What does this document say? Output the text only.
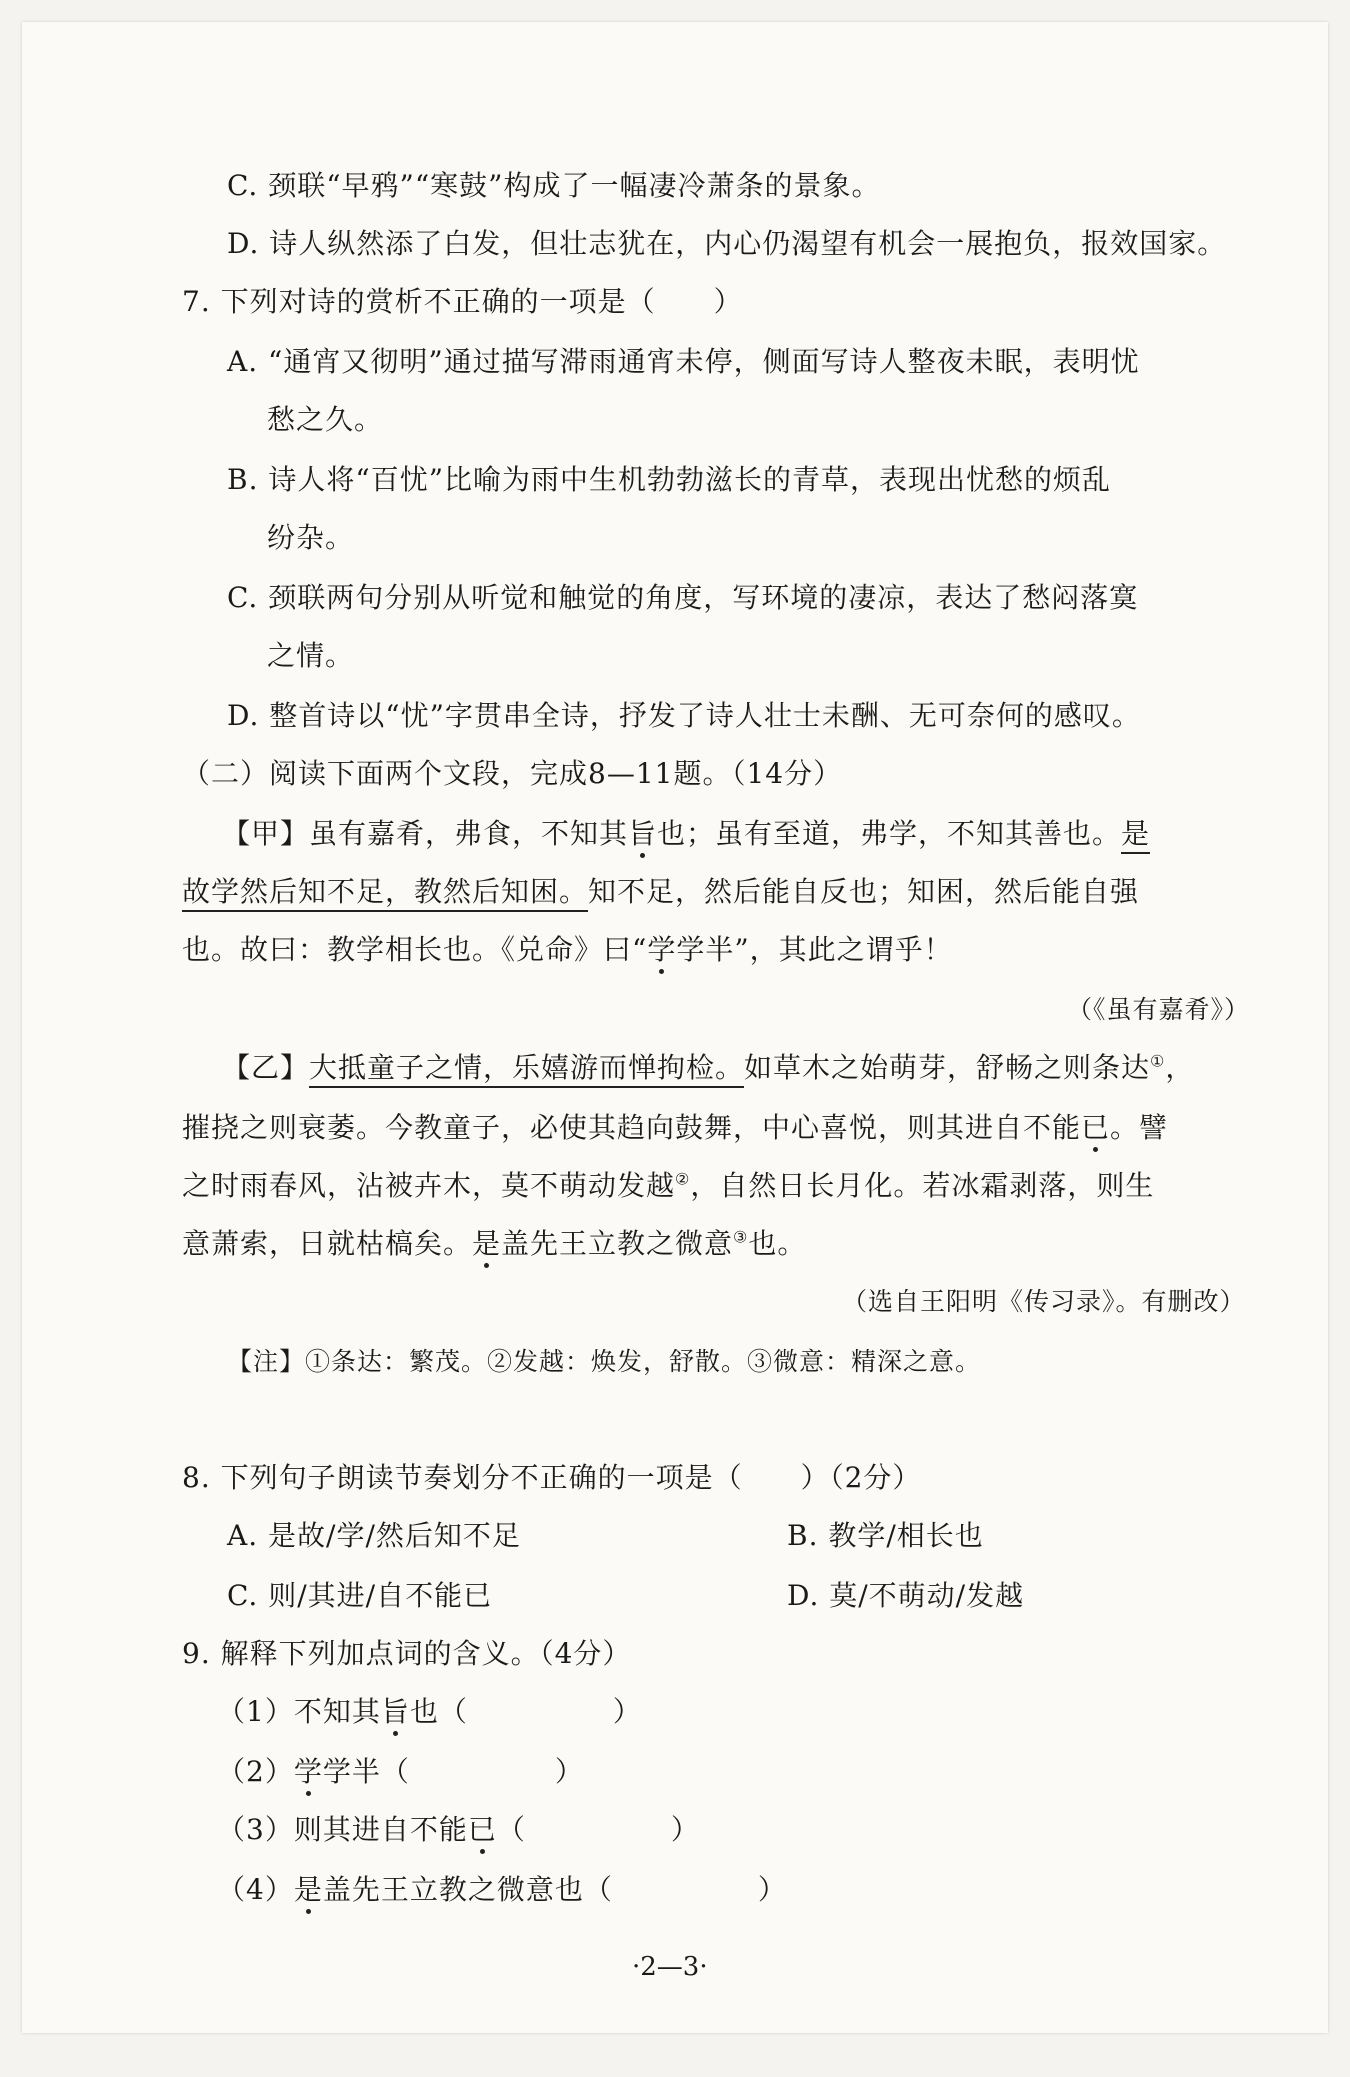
C. 颈联“早鸦”“寒鼓”构成了一幅凄冷萧条的景象。
D. 诗人纵然添了白发，但壮志犹在，内心仍渴望有机会一展抱负，报效国家。
7. 下列对诗的赏析不正确的一项是（　　）
A. “通宵又彻明”通过描写滞雨通宵未停，侧面写诗人整夜未眠，表明忧
愁之久。
B. 诗人将“百忧”比喻为雨中生机勃勃滋长的青草，表现出忧愁的烦乱
纷杂。
C. 颈联两句分别从听觉和触觉的角度，写环境的凄凉，表达了愁闷落寞
之情。
D. 整首诗以“忧”字贯串全诗，抒发了诗人壮士未酬、无可奈何的感叹。
（二）阅读下面两个文段，完成8—11题。（14分）
【甲】虽有嘉肴，弗食，不知其旨也；虽有至道，弗学，不知其善也。是
故学然后知不足，教然后知困。知不足，然后能自反也；知困，然后能自强
也。故曰：教学相长也。《兑命》曰“学学半”，其此之谓乎！
（《虽有嘉肴》）
【乙】大抵童子之情，乐嬉游而惮拘检。如草木之始萌芽，舒畅之则条达①，
摧挠之则衰萎。今教童子，必使其趋向鼓舞，中心喜悦，则其进自不能已。譬
之时雨春风，沾被卉木，莫不萌动发越②，自然日长月化。若冰霜剥落，则生
意萧索，日就枯槁矣。是盖先王立教之微意③也。
（选自王阳明《传习录》。有删改）
【注】①条达：繁茂。②发越：焕发，舒散。③微意：精深之意。
8. 下列句子朗读节奏划分不正确的一项是（　　）（2分）
A. 是故/学/然后知不足	B. 教学/相长也
C. 则/其进/自不能已	D. 莫/不萌动/发越
9. 解释下列加点词的含义。（4分）
（1）不知其旨也（　　　　　）
（2）学学半（　　　　　）
（3）则其进自不能已（　　　　　）
（4）是盖先王立教之微意也（　　　　　）
·2—3·
